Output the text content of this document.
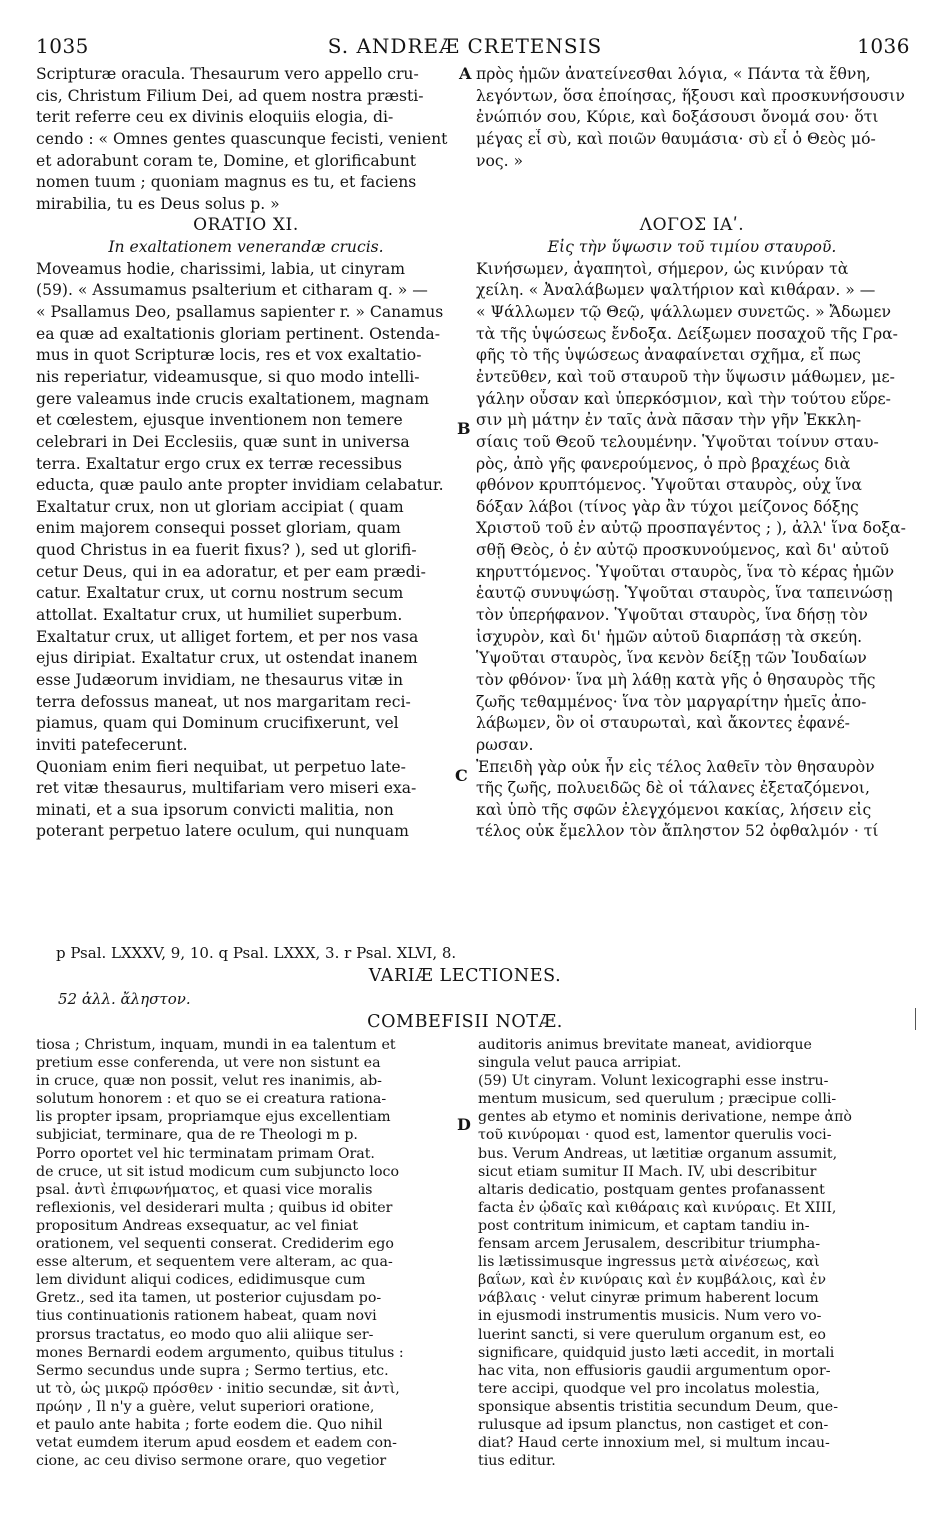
1035	S. ANDREÆ CRETENSIS	1036
Scripturæ oracula. Thesaurum vero appello cru-
cis, Christum Filium Dei, ad quem nostra præsti-
terit referre ceu ex divinis eloquiis elogia, di-
cendo : « Omnes gentes quascunque fecisti, venient
et adorabunt coram te, Domine, et glorificabunt
nomen tuum ; quoniam magnus es tu, et faciens
mirabilia, tu es Deus solus p. »
ORATIO XI.
In exaltationem venerandæ crucis.
Moveamus hodie, charissimi, labia, ut cinyram
(59). « Assumamus psalterium et citharam q. » —
« Psallamus Deo, psallamus sapienter r. » Canamus
ea quæ ad exaltationis gloriam pertinent. Ostenda-
mus in quot Scripturæ locis, res et vox exaltatio-
nis reperiatur, videamusque, si quo modo intelli-
gere valeamus inde crucis exaltationem, magnam
et cœlestem, ejusque inventionem non temere
celebrari in Dei Ecclesiis, quæ sunt in universa
terra. Exaltatur ergo crux ex terræ recessibus
educta, quæ paulo ante propter invidiam celabatur.
Exaltatur crux, non ut gloriam accipiat ( quam
enim majorem consequi posset gloriam, quam
quod Christus in ea fuerit fixus? ), sed ut glorifi-
cetur Deus, qui in ea adoratur, et per eam prædi-
catur. Exaltatur crux, ut cornu nostrum secum
attollat. Exaltatur crux, ut humiliet superbum.
Exaltatur crux, ut alliget fortem, et per nos vasa
ejus diripiat. Exaltatur crux, ut ostendat inanem
esse Judæorum invidiam, ne thesaurus vitæ in
terra defossus maneat, ut nos margaritam reci-
piamus, quam qui Dominum crucifixerunt, vel
inviti patefecerunt.
Quoniam enim fieri nequibat, ut perpetuo late-
ret vitæ thesaurus, multifariam vero miseri exa-
minati, et a sua ipsorum convicti malitia, non
poterant perpetuo latere oculum, qui nunquam
πρὸς ἡμῶν ἀνατείνεσθαι λόγια, « Πάντα τὰ ἔθνη,
λεγόντων, ὅσα ἐποίησας, ἥξουσι καὶ προσκυνήσουσιν
ἐνώπιόν σου, Κύριε, καὶ δοξάσουσι ὄνομά σου· ὅτι
μέγας εἶ σὺ, καὶ ποιῶν θαυμάσια· σὺ εἶ ὁ Θεὸς μό-
νος. »
ΛΟΓΟΣ ΙΑʹ.
Εἰς τὴν ὕψωσιν τοῦ τιμίου σταυροῦ.
Κινήσωμεν, ἀγαπητοὶ, σήμερον, ὡς κινύραν τὰ
χείλη. « Ἀναλάβωμεν ψαλτήριον καὶ κιθάραν. » —
« Ψάλλωμεν τῷ Θεῷ, ψάλλωμεν συνετῶς. » Ἄδωμεν
τὰ τῆς ὑψώσεως ἔνδοξα. Δείξωμεν ποσαχοῦ τῆς Γρα-
φῆς τὸ τῆς ὑψώσεως ἀναφαίνεται σχῆμα, εἴ πως
ἐντεῦθεν, καὶ τοῦ σταυροῦ τὴν ὕψωσιν μάθωμεν, με-
γάλην οὖσαν καὶ ὑπερκόσμιον, καὶ τὴν τούτου εὕρε-
σιν μὴ μάτην ἐν ταῖς ἀνὰ πᾶσαν τὴν γῆν Ἐκκλη-
σίαις τοῦ Θεοῦ τελουμένην. Ὑψοῦται τοίνυν σταυ-
ρὸς, ἀπὸ γῆς φανερούμενος, ὁ πρὸ βραχέως διὰ
φθόνον κρυπτόμενος. Ὑψοῦται σταυρὸς, οὐχ ἵνα
δόξαν λάβοι (τίνος γὰρ ἂν τύχοι μείζονος δόξης
Χριστοῦ τοῦ ἐν αὐτῷ προσπαγέντος ; ), ἀλλ' ἵνα δοξα-
σθῇ Θεὸς, ὁ ἐν αὐτῷ προσκυνούμενος, καὶ δι' αὐτοῦ
κηρυττόμενος. Ὑψοῦται σταυρὸς, ἵνα τὸ κέρας ἡμῶν
ἑαυτῷ συνυψώσῃ. Ὑψοῦται σταυρὸς, ἵνα ταπεινώσῃ
τὸν ὑπερήφανον. Ὑψοῦται σταυρὸς, ἵνα δήσῃ τὸν
ἰσχυρὸν, καὶ δι' ἡμῶν αὐτοῦ διαρπάσῃ τὰ σκεύη.
Ὑψοῦται σταυρὸς, ἵνα κενὸν δείξῃ τῶν Ἰουδαίων
τὸν φθόνον· ἵνα μὴ λάθῃ κατὰ γῆς ὁ θησαυρὸς τῆς
ζωῆς τεθαμμένος· ἵνα τὸν μαργαρίτην ἡμεῖς ἀπο-
λάβωμεν, ὃν οἱ σταυρωταὶ, καὶ ἄκοντες ἐφανέ-
ρωσαν.
Ἐπειδὴ γὰρ οὐκ ἦν εἰς τέλος λαθεῖν τὸν θησαυρὸν
τῆς ζωῆς, πολυειδῶς δὲ οἱ τάλανες ἐξεταζόμενοι,
καὶ ὑπὸ τῆς σφῶν ἐλεγχόμενοι κακίας, λήσειν εἰς
τέλος οὐκ ἔμελλον τὸν ἄπληστον 52 ὀφθαλμόν · τί
A
B
C
D
p Psal. LXXXV, 9, 10. q Psal. LXXX, 3. r Psal. XLVI, 8.
VARIÆ LECTIONES.
52 ἀλλ. ἄληστον.
COMBEFISII NOTÆ.
tiosa ; Christum, inquam, mundi in ea talentum et
pretium esse conferenda, ut vere non sistunt ea
in cruce, quæ non possit, velut res inanimis, ab-
solutum honorem : et quo se ei creatura rationa-
lis propter ipsam, propriamque ejus excellentiam
subjiciat, terminare, qua de re Theologi m p.
Porro oportet vel hic terminatam primam Orat.
de cruce, ut sit istud modicum cum subjuncto loco
psal. ἀντὶ ἐπιφωνήματος, et quasi vice moralis
reflexionis, vel desiderari multa ; quibus id obiter
propositum Andreas exsequatur, ac vel finiat
orationem, vel sequenti conserat. Crediderim ego
esse alterum, et sequentem vere alteram, ac qua-
lem dividunt aliqui codices, edidimusque cum
Gretz., sed ita tamen, ut posterior cujusdam po-
tius continuationis rationem habeat, quam novi
prorsus tractatus, eo modo quo alii aliique ser-
mones Bernardi eodem argumento, quibus titulus :
Sermo secundus unde supra ; Sermo tertius, etc.
ut τὸ, ὡς μικρῷ πρόσθεν · initio secundæ, sit ἀντὶ,
πρώην , Il n'y a guère, velut superiori oratione,
et paulo ante habita ; forte eodem die. Quo nihil
vetat eumdem iterum apud eosdem et eadem con-
cione, ac ceu diviso sermone orare, quo vegetior
auditoris animus brevitate maneat, avidiorque
singula velut pauca arripiat.
(59) Ut cinyram. Volunt lexicographi esse instru-
mentum musicum, sed querulum ; præcipue colli-
gentes ab etymo et nominis derivatione, nempe ἀπὸ
τοῦ κινύρομαι · quod est, lamentor querulis voci-
bus. Verum Andreas, ut lætitiæ organum assumit,
sicut etiam sumitur II Mach. IV, ubi describitur
altaris dedicatio, postquam gentes profanassent
facta ἐν ᾠδαῖς καὶ κιθάραις καὶ κινύραις. Et XIII,
post contritum inimicum, et captam tandiu in-
fensam arcem Jerusalem, describitur triumpha-
lis lætissimusque ingressus μετὰ αἰνέσεως, καὶ
βαΐων, καὶ ἐν κινύραις καὶ ἐν κυμβάλοις, καὶ ἐν
νάβλαις · velut cinyræ primum haberent locum
in ejusmodi instrumentis musicis. Num vero vo-
luerint sancti, si vere querulum organum est, eo
significare, quidquid justo læti accedit, in mortali
hac vita, non effusioris gaudii argumentum opor-
tere accipi, quodque vel pro incolatus molestia,
sponsique absentis tristitia secundum Deum, que-
rulusque ad ipsum planctus, non castiget et con-
diat? Haud certe innoxium mel, si multum incau-
tius editur.
